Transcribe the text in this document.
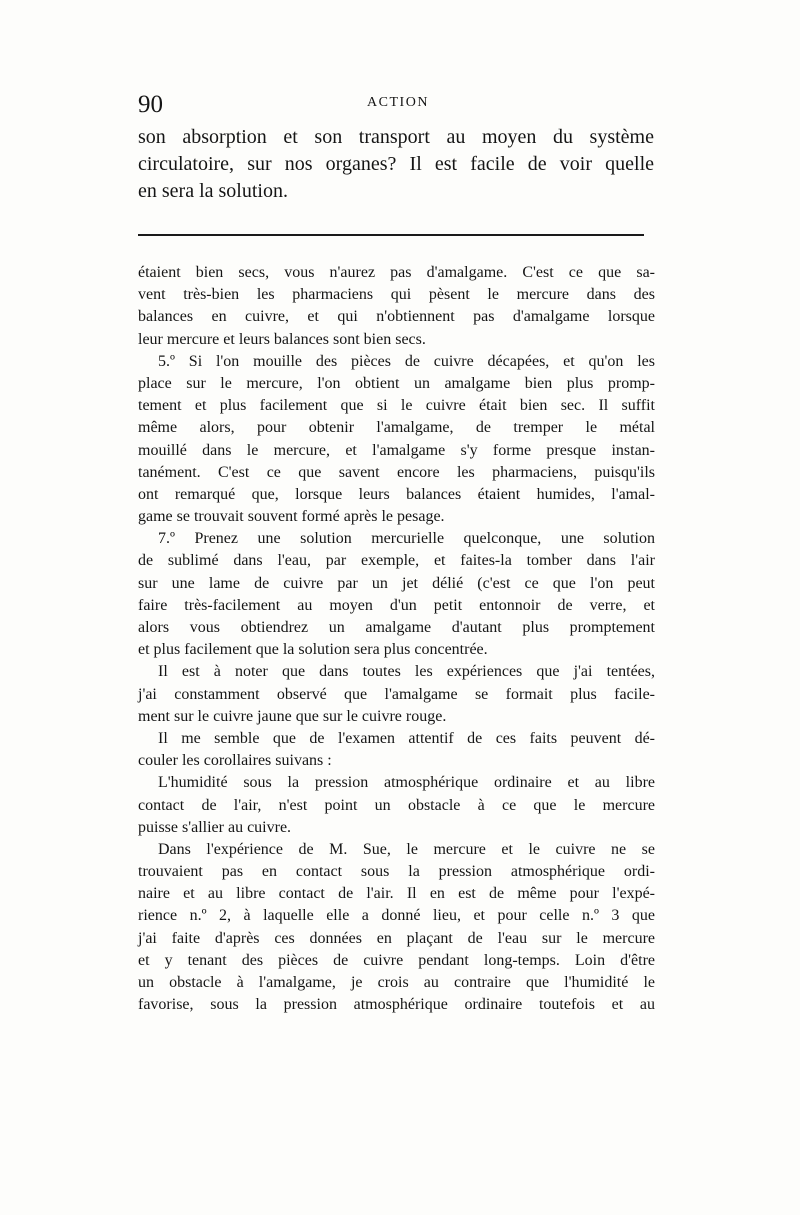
90	ACTION
son absorption et son transport au moyen du système
circulatoire, sur nos organes? Il est facile de voir quelle
en sera la solution.
étaient bien secs, vous n'aurez pas d'amalgame. C'est ce que sa-
vent très-bien les pharmaciens qui pèsent le mercure dans des
balances en cuivre, et qui n'obtiennent pas d'amalgame lorsque
leur mercure et leurs balances sont bien secs.
5.º Si l'on mouille des pièces de cuivre décapées, et qu'on les
place sur le mercure, l'on obtient un amalgame bien plus promp-
tement et plus facilement que si le cuivre était bien sec. Il suffit
même alors, pour obtenir l'amalgame, de tremper le métal
mouillé dans le mercure, et l'amalgame s'y forme presque instan-
tanément. C'est ce que savent encore les pharmaciens, puisqu'ils
ont remarqué que, lorsque leurs balances étaient humides, l'amal-
game se trouvait souvent formé après le pesage.
7.º Prenez une solution mercurielle quelconque, une solution
de sublimé dans l'eau, par exemple, et faites-la tomber dans l'air
sur une lame de cuivre par un jet délié (c'est ce que l'on peut
faire très-facilement au moyen d'un petit entonnoir de verre, et
alors vous obtiendrez un amalgame d'autant plus promptement
et plus facilement que la solution sera plus concentrée.
Il est à noter que dans toutes les expériences que j'ai tentées,
j'ai constamment observé que l'amalgame se formait plus facile-
ment sur le cuivre jaune que sur le cuivre rouge.
Il me semble que de l'examen attentif de ces faits peuvent dé-
couler les corollaires suivans :
L'humidité sous la pression atmosphérique ordinaire et au libre
contact de l'air, n'est point un obstacle à ce que le mercure
puisse s'allier au cuivre.
Dans l'expérience de M. Sue, le mercure et le cuivre ne se
trouvaient pas en contact sous la pression atmosphérique ordi-
naire et au libre contact de l'air. Il en est de même pour l'expé-
rience n.º 2, à laquelle elle a donné lieu, et pour celle n.º 3 que
j'ai faite d'après ces données en plaçant de l'eau sur le mercure
et y tenant des pièces de cuivre pendant long-temps. Loin d'être
un obstacle à l'amalgame, je crois au contraire que l'humidité le
favorise, sous la pression atmosphérique ordinaire toutefois et au
